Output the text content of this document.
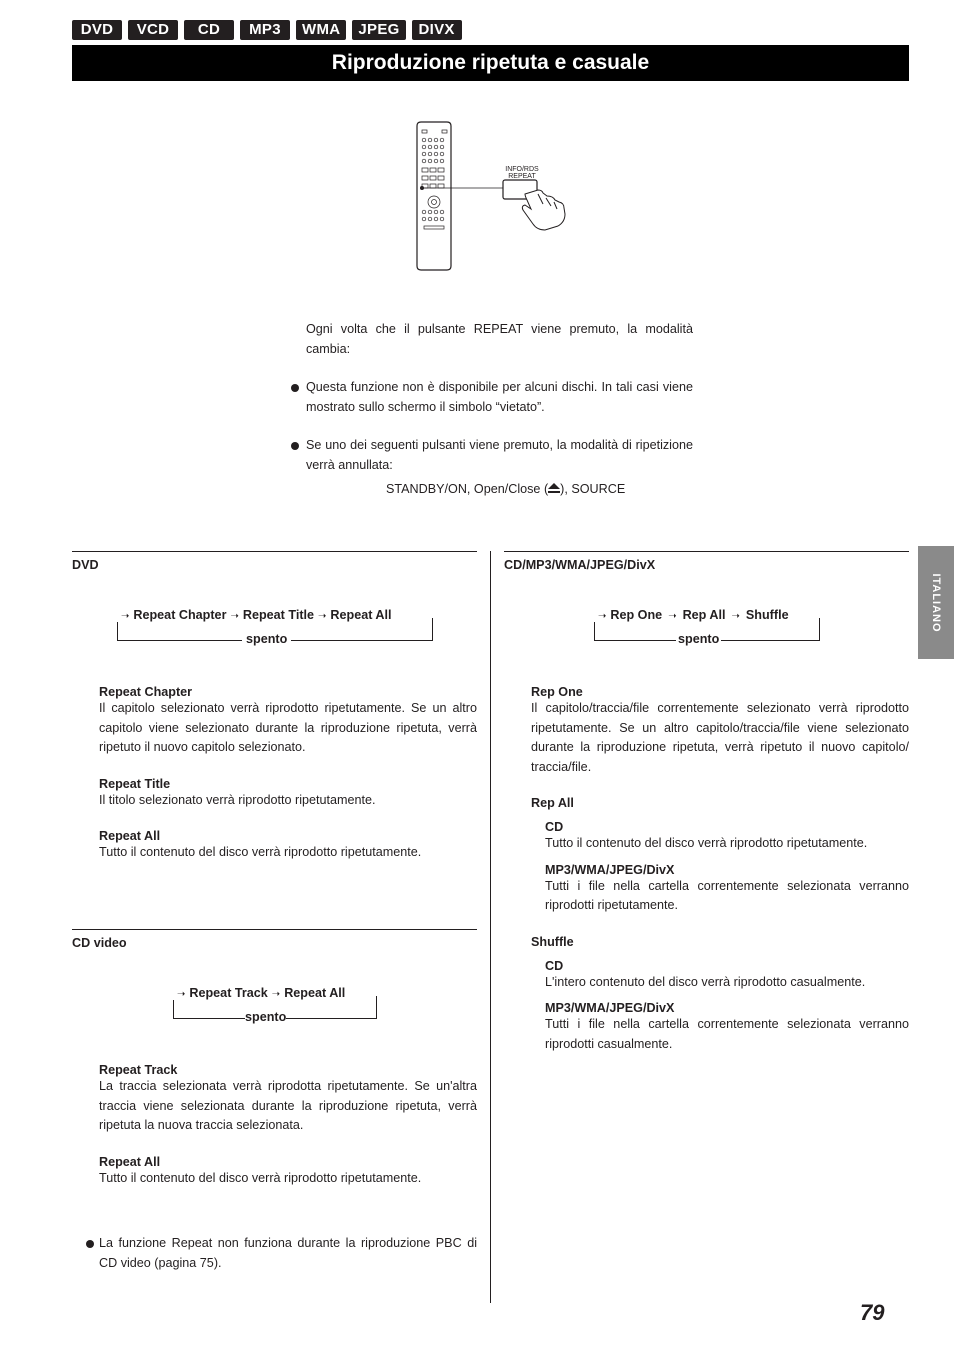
DVD	VCD	CD	MP3	WMA	JPEG	DIVX
Riproduzione ripetuta e casuale
INFO/RDS
REPEAT
Ogni volta che il pulsante REPEAT viene premuto, la modalità cambia:
Questa funzione non è disponibile per alcuni dischi. In tali casi viene mostrato sullo schermo il simbolo “vietato”.
Se uno dei seguenti pulsanti viene premuto, la modalità di ripetizione verrà annullata:
STANDBY/ON, Open/Close ( ), SOURCE
DVD
➝ Repeat Chapter ➝ Repeat Title ➝ Repeat All
spento
Repeat Chapter
Il capitolo selezionato verrà riprodotto ripetutamente. Se un altro capitolo viene selezionato durante la riproduzione ripetuta, verrà ripetuto il nuovo capitolo selezionato.
Repeat Title
Il titolo selezionato verrà riprodotto ripetutamente.
Repeat All
Tutto il contenuto del disco verrà riprodotto ripetutamente.
CD video
➝ Repeat Track ➝ Repeat All
spento
Repeat Track
La traccia selezionata verrà riprodotta ripetutamente. Se un'altra traccia viene selezionata durante la riproduzione ripetuta, verrà ripetuta la nuova traccia selezionata.
Repeat All
Tutto il contenuto del disco verrà riprodotto ripetutamente.
La funzione Repeat non funziona durante la riproduzione PBC di CD video (pagina 75).
CD/MP3/WMA/JPEG/DivX
➝ Rep One ➝ Rep All ➝ Shuffle
spento
Rep One
Il capitolo/traccia/file correntemente selezionato verrà riprodotto ripetutamente. Se un altro capitolo/traccia/file viene selezionato durante la riproduzione ripetuta, verrà ripetuto il nuovo capitolo/ traccia/file.
Rep All
CD
Tutto il contenuto del disco verrà riprodotto ripetutamente.
MP3/WMA/JPEG/DivX
Tutti i file nella cartella correntemente selezionata verranno riprodotti ripetutamente.
Shuffle
CD
L'intero contenuto del disco verrà riprodotto casualmente.
MP3/WMA/JPEG/DivX
Tutti i file nella cartella correntemente selezionata verranno riprodotti casualmente.
ITALIANO
79
